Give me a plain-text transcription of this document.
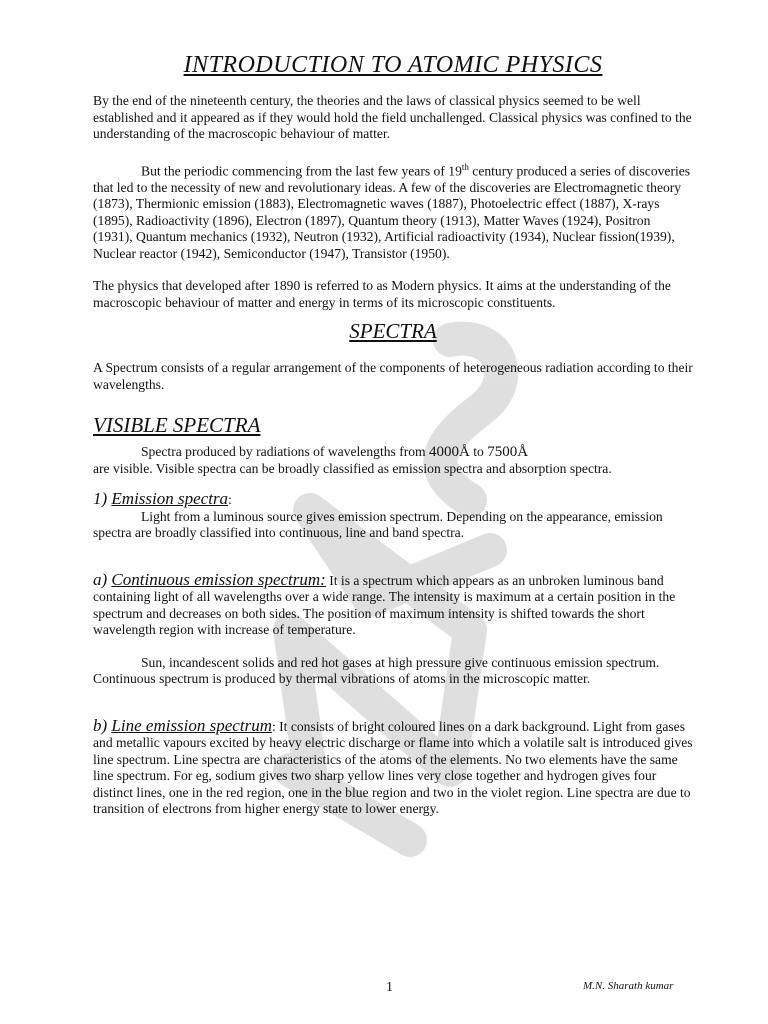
INTRODUCTION TO ATOMIC PHYSICS

By the end of the nineteenth century, the theories and the laws of classical physics seemed to be well established and it appeared as if they would hold the field unchallenged. Classical physics was confined to the understanding of the macroscopic behaviour of matter.

But the periodic commencing from the last few years of 19th century produced a series of discoveries that led to the necessity of new and revolutionary ideas. A few of the discoveries are Electromagnetic theory (1873), Thermionic emission (1883), Electromagnetic waves (1887), Photoelectric effect (1887), X-rays (1895), Radioactivity (1896), Electron (1897), Quantum theory (1913), Matter Waves (1924), Positron (1931), Quantum mechanics (1932), Neutron (1932), Artificial radioactivity (1934), Nuclear fission(1939), Nuclear reactor (1942), Semiconductor (1947), Transistor (1950).

The physics that developed after 1890 is referred to as Modern physics. It aims at the understanding of the macroscopic behaviour of matter and energy in terms of its microscopic constituents.

SPECTRA

A Spectrum consists of a regular arrangement of the components of heterogeneous radiation according to their wavelengths.

VISIBLE SPECTRA

Spectra produced by radiations of wavelengths from 4000Å to 7500Å

are visible. Visible spectra can be broadly classified as emission spectra and absorption spectra.

1) Emission spectra:

Light from a luminous source gives emission spectrum. Depending on the appearance, emission spectra are broadly classified into continuous, line and band spectra.

a) Continuous emission spectrum: It is a spectrum which appears as an unbroken luminous band containing light of all wavelengths over a wide range. The intensity is maximum at a certain position in the spectrum and decreases on both sides. The position of maximum intensity is shifted towards the short wavelength region with increase of temperature.

Sun, incandescent solids and red hot gases at high pressure give continuous emission spectrum. Continuous spectrum is produced by thermal vibrations of atoms in the microscopic matter.

b) Line emission spectrum: It consists of bright coloured lines on a dark background. Light from gases and metallic vapours excited by heavy electric discharge or flame into which a volatile salt is introduced gives line spectrum. Line spectra are characteristics of the atoms of the elements. No two elements have the same line spectrum. For eg, sodium gives two sharp yellow lines very close together and hydrogen gives four distinct lines, one in the red region, one in the blue region and two in the violet region. Line spectra are due to transition of electrons from higher energy state to lower energy.

1	M.N. Sharath kumar
